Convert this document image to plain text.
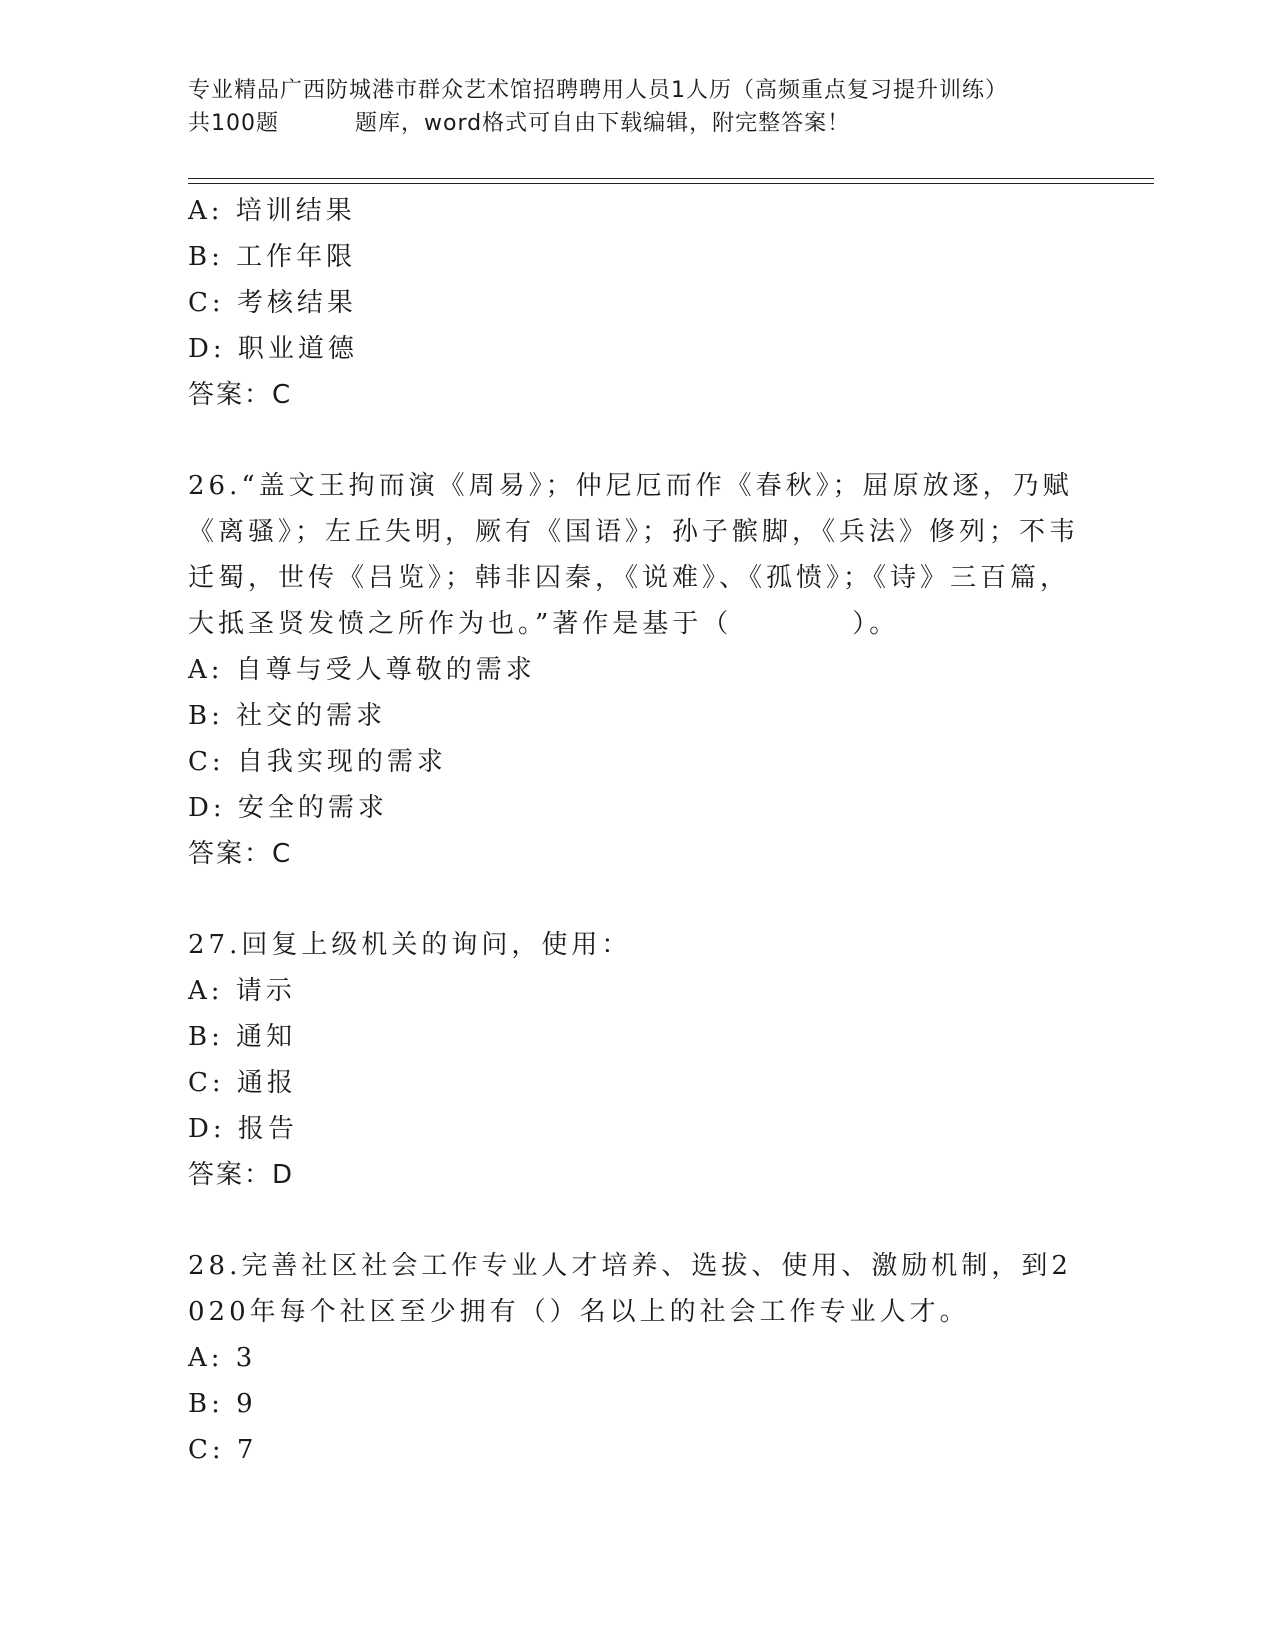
专业精品广西防城港市群众艺术馆招聘聘用人员1人历（高频重点复习提升训练）
共100题	题库，word格式可自由下载编辑，附完整答案！
A: 培训结果
B: 工作年限
C: 考核结果
D: 职业道德
答案：C
26.“盖文王拘而演《周易》；仲尼厄而作《春秋》；屈原放逐，乃赋《离骚》；左丘失明，厥有《国语》；孙子髌脚，《兵法》修列；不韦迁蜀，世传《吕览》；韩非囚秦，《说难》、《孤愤》；《诗》三百篇，大抵圣贤发愤之所作为也。”著作是基于（	）。
A: 自尊与受人尊敬的需求
B: 社交的需求
C: 自我实现的需求
D: 安全的需求
答案：C
27.回复上级机关的询问，使用：
A: 请示
B: 通知
C: 通报
D: 报告
答案：D
28.完善社区社会工作专业人才培养、选拔、使用、激励机制，到2020年每个社区至少拥有（）名以上的社会工作专业人才。
A: 3
B: 9
C: 7
